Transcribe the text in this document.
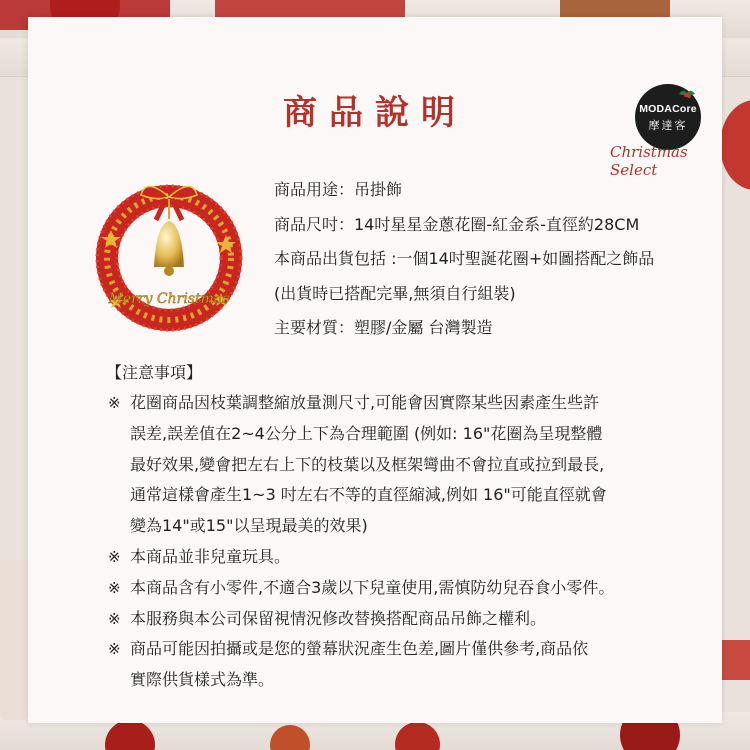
商品說明	MODACore
摩達客
Christmas Select
Merry Christmas
商品用途：吊掛飾
商品尺吋：14吋星星金蔥花圈-紅金系-直徑約28CM
本商品出貨包括 :一個14吋聖誕花圈+如圖搭配之飾品
(出貨時已搭配完畢,無須自行組裝)
主要材質：塑膠/金屬 台灣製造
【注意事項】
※ 花圈商品因枝葉調整縮放量測尺寸,可能會因實際某些因素產生些許
誤差,誤差值在2~4公分上下為合理範圍 (例如: 16"花圈為呈現整體
最好效果,變會把左右上下的枝葉以及框架彎曲不會拉直或拉到最長,
通常這樣會產生1~3 吋左右不等的直徑縮減,例如 16"可能直徑就會
變為14"或15"以呈現最美的效果)
※ 本商品並非兒童玩具。
※ 本商品含有小零件,不適合3歲以下兒童使用,需慎防幼兒吞食小零件。
※ 本服務與本公司保留視情況修改替換搭配商品吊飾之權利。
※ 商品可能因拍攝或是您的螢幕狀況產生色差,圖片僅供參考,商品依
實際供貨樣式為準。
